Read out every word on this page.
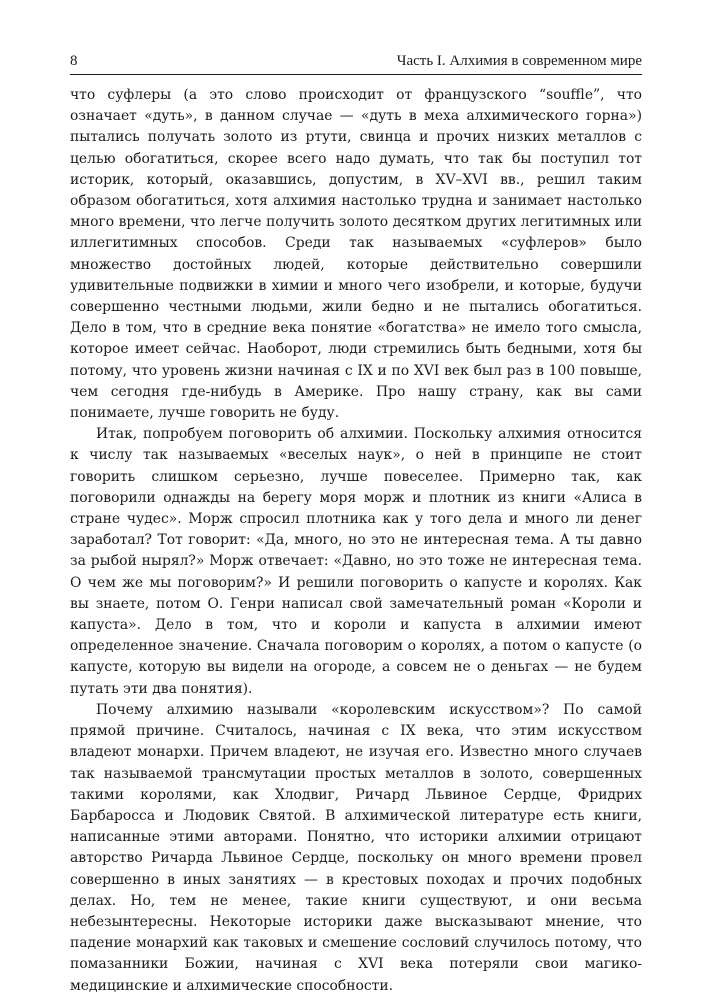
8	Часть I. Алхимия в современном мире

что суфлеры (а это слово происходит от французского “souffle”, что означает «дуть», в данном случае — «дуть в меха алхимического горна») пытались получать золото из ртути, свинца и прочих низких металлов с целью обогатиться, скорее всего надо думать, что так бы поступил тот историк, который, оказавшись, допустим, в XV–XVI вв., решил таким образом обогатиться, хотя алхимия настолько трудна и занимает настолько много времени, что легче получить золото десятком других легитимных или иллегитимных способов. Среди так называемых «суфлеров» было множество достойных людей, которые действительно совершили удивительные подвижки в химии и много чего изобрели, и которые, будучи совершенно честными людьми, жили бедно и не пытались обогатиться. Дело в том, что в средние века понятие «богатства» не имело того смысла, которое имеет сейчас. Наоборот, люди стремились быть бедными, хотя бы потому, что уровень жизни начиная с IX и по XVI век был раз в 100 повыше, чем сегодня где-нибудь в Америке. Про нашу страну, как вы сами понимаете, лучше говорить не буду.

Итак, попробуем поговорить об алхимии. Поскольку алхимия относится к числу так называемых «веселых наук», о ней в принципе не стоит говорить слишком серьезно, лучше повеселее. Примерно так, как поговорили однажды на берегу моря морж и плотник из книги «Алиса в стране чудес». Морж спросил плотника как у того дела и много ли денег заработал? Тот говорит: «Да, много, но это не интересная тема. А ты давно за рыбой нырял?» Морж отвечает: «Давно, но это тоже не интересная тема. О чем же мы поговорим?» И решили поговорить о капусте и королях. Как вы знаете, потом О. Генри написал свой замечательный роман «Короли и капуста». Дело в том, что и короли и капуста в алхимии имеют определенное значение. Сначала поговорим о королях, а потом о капусте (о капусте, которую вы видели на огороде, а совсем не о деньгах — не будем путать эти два понятия).

Почему алхимию называли «королевским искусством»? По самой прямой причине. Считалось, начиная с IX века, что этим искусством владеют монархи. Причем владеют, не изучая его. Известно много случаев так называемой трансмутации простых металлов в золото, совершенных такими королями, как Хлодвиг, Ричард Львиное Сердце, Фридрих Барбаросса и Людовик Святой. В алхимической литературе есть книги, написанные этими авторами. Понятно, что историки алхимии отрицают авторство Ричарда Львиное Сердце, поскольку он много времени провел совершенно в иных занятиях — в крестовых походах и прочих подобных делах. Но, тем не менее, такие книги существуют, и они весьма небезынтересны. Некоторые историки даже высказывают мнение, что падение монархий как таковых и смешение сословий случилось потому, что помазанники Божии, начиная с XVI века потеряли свои магико-медицинские и алхимические способности.
